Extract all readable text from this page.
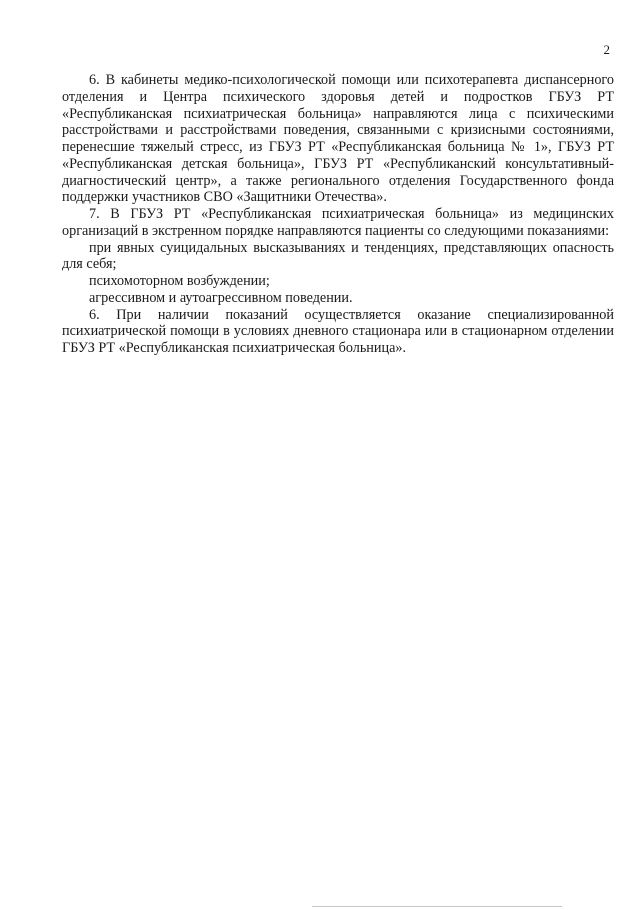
2

6. В кабинеты медико-психологической помощи или психотерапевта диспансерного отделения и Центра психического здоровья детей и подростков ГБУЗ РТ «Республиканская психиатрическая больница» направляются лица с психическими расстройствами и расстройствами поведения, связанными с кризисными состояниями, перенесшие тяжелый стресс, из ГБУЗ РТ «Республиканская больница № 1», ГБУЗ РТ «Республиканская детская больница», ГБУЗ РТ «Республиканский консультативный-диагностический центр», а также регионального отделения Государственного фонда поддержки участников СВО «Защитники Отечества».

7. В ГБУЗ РТ «Республиканская психиатрическая больница» из медицинских организаций в экстренном порядке направляются пациенты со следующими показаниями:

при явных суицидальных высказываниях и тенденциях, представляющих опасность для себя;

психомоторном возбуждении;

агрессивном и аутоагрессивном поведении.

6. При наличии показаний осуществляется оказание специализированной психиатрической помощи в условиях дневного стационара или в стационарном отделении ГБУЗ РТ «Республиканская психиатрическая больница».
